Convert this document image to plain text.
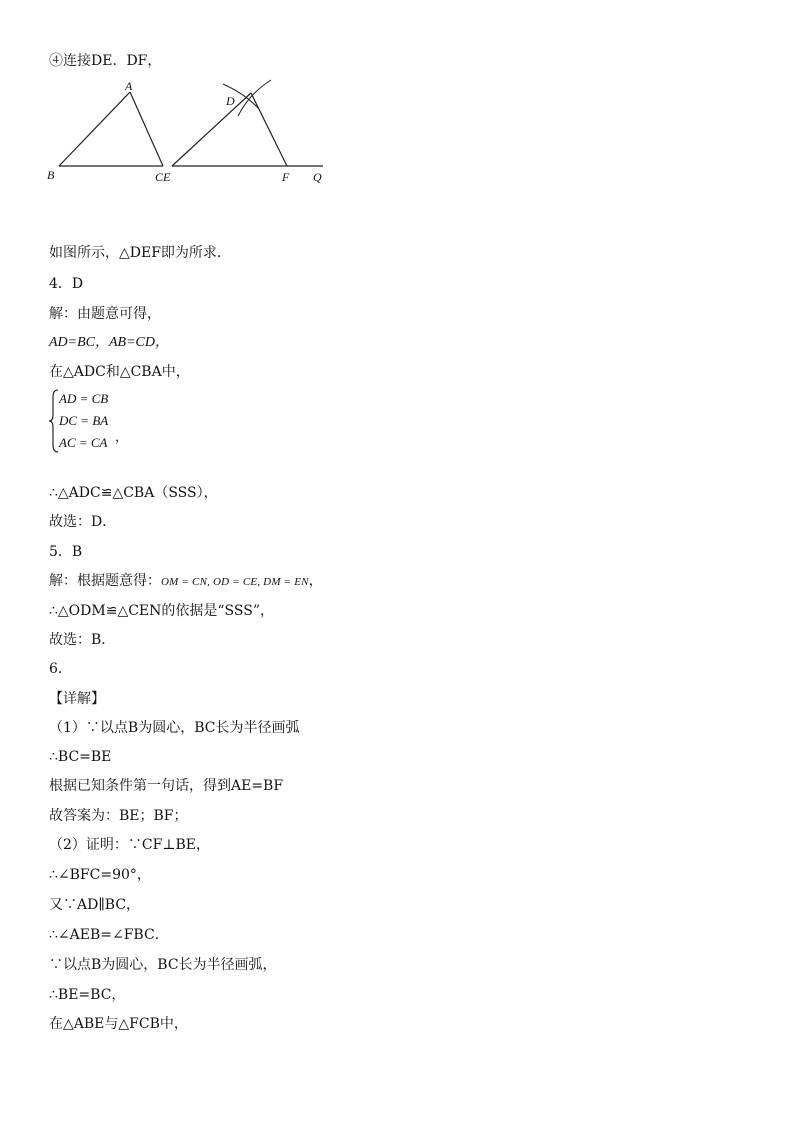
④连接DE．DF，
A
B	CE
D
F Q
如图所示，△DEF即为所求．
4．D
解：由题意可得，
AD=BC，AB=CD，
在△ADC和△CBA中，
AD = CB
DC = BA
AC = CA ，
∴△ADC≌△CBA（SSS），
故选：D．
5．B
解：根据题意得：OM = CN, OD = CE, DM = EN，
∴△ODM≌△CEN的依据是“SSS”，
故选：B．
6．
【详解】
（1）∵以点B为圆心，BC长为半径画弧
∴BC=BE
根据已知条件第一句话，得到AE=BF
故答案为：BE；BF；
（2）证明：∵CF⊥BE，
∴∠BFC=90°，
又∵AD∥BC，
∴∠AEB=∠FBC．
∵以点B为圆心，BC长为半径画弧，
∴BE=BC，
在△ABE与△FCB中，
